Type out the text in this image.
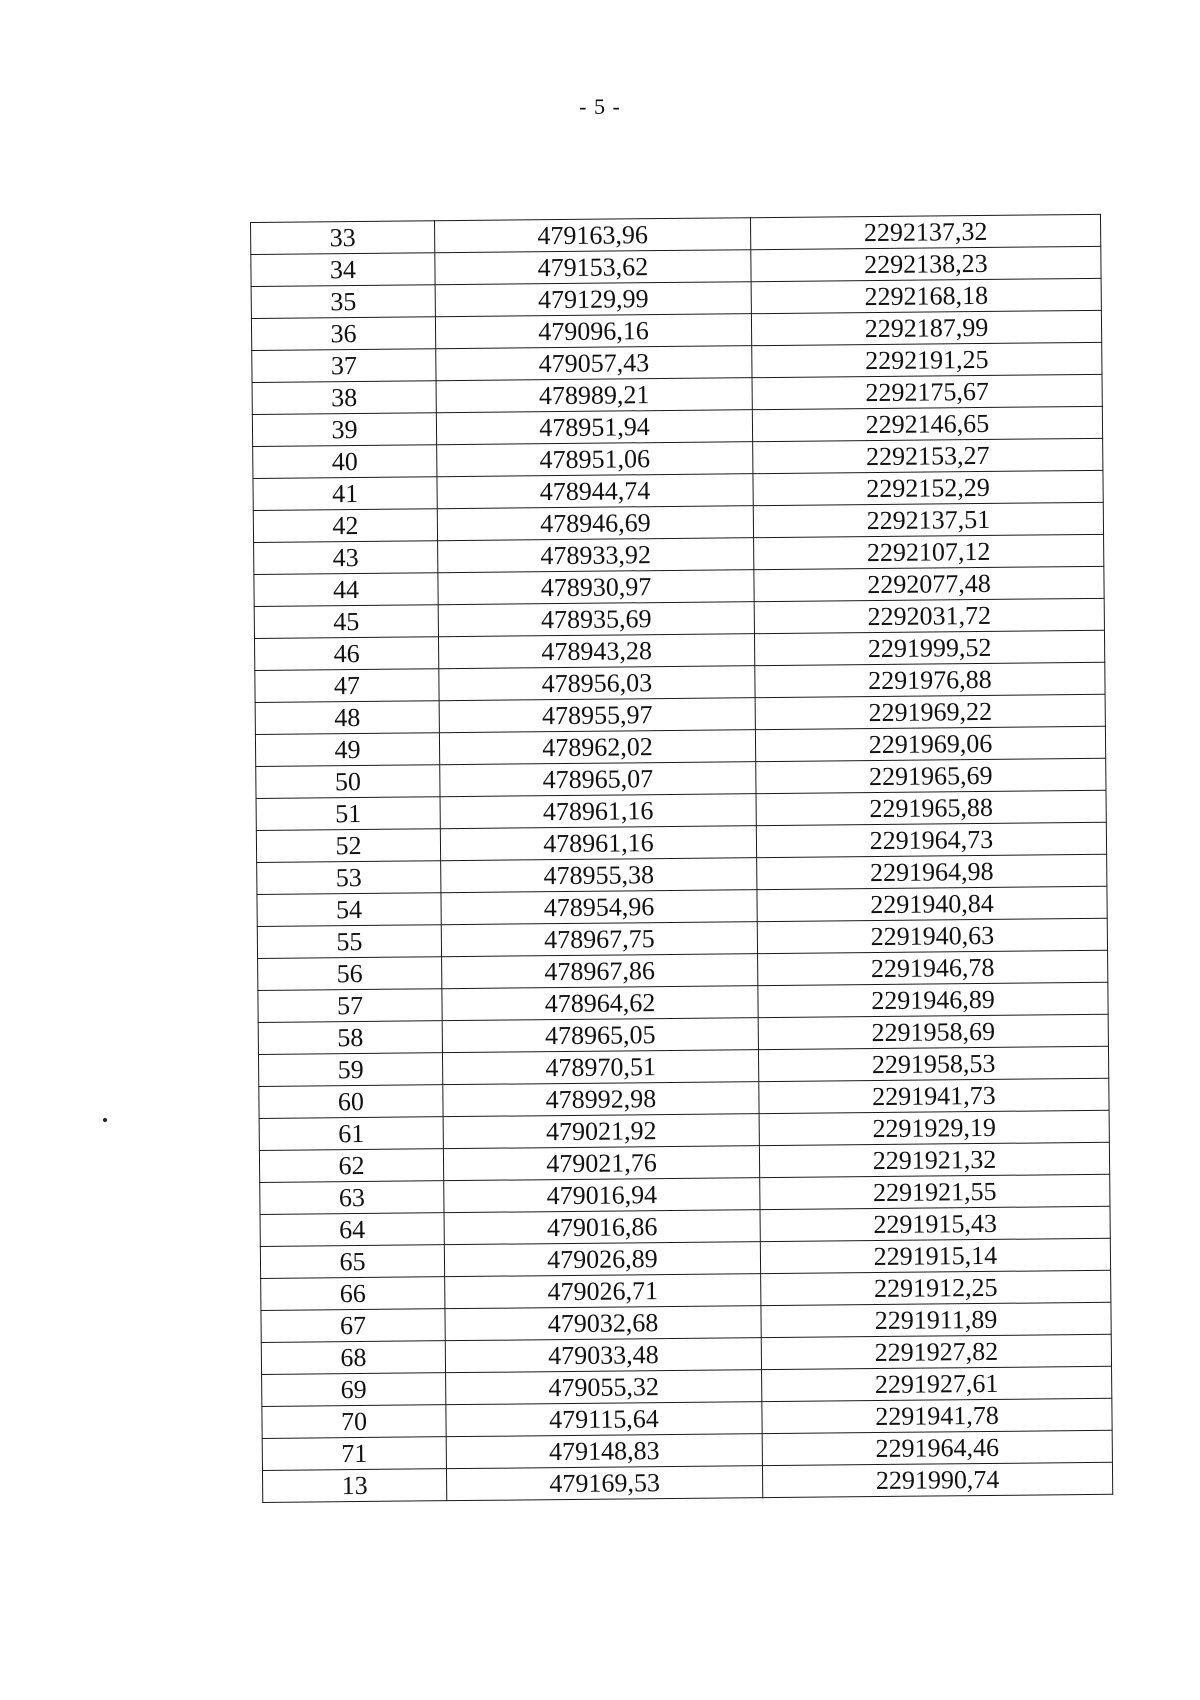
- 5 -
33	479163,96	2292137,32
34	479153,62	2292138,23
35	479129,99	2292168,18
36	479096,16	2292187,99
37	479057,43	2292191,25
38	478989,21	2292175,67
39	478951,94	2292146,65
40	478951,06	2292153,27
41	478944,74	2292152,29
42	478946,69	2292137,51
43	478933,92	2292107,12
44	478930,97	2292077,48
45	478935,69	2292031,72
46	478943,28	2291999,52
47	478956,03	2291976,88
48	478955,97	2291969,22
49	478962,02	2291969,06
50	478965,07	2291965,69
51	478961,16	2291965,88
52	478961,16	2291964,73
53	478955,38	2291964,98
54	478954,96	2291940,84
55	478967,75	2291940,63
56	478967,86	2291946,78
57	478964,62	2291946,89
58	478965,05	2291958,69
59	478970,51	2291958,53
60	478992,98	2291941,73
61	479021,92	2291929,19
62	479021,76	2291921,32
63	479016,94	2291921,55
64	479016,86	2291915,43
65	479026,89	2291915,14
66	479026,71	2291912,25
67	479032,68	2291911,89
68	479033,48	2291927,82
69	479055,32	2291927,61
70	479115,64	2291941,78
71	479148,83	2291964,46
13	479169,53	2291990,74
